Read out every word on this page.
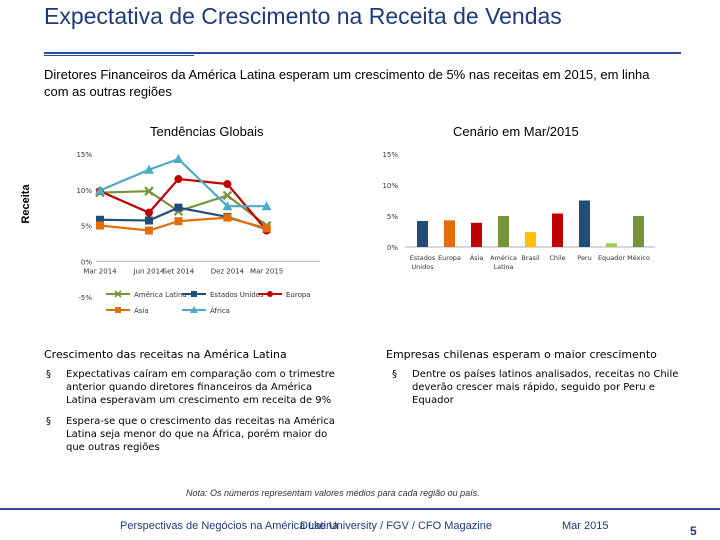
Expectativa de Crescimento na Receita de Vendas
Diretores Financeiros da América Latina esperam um crescimento de 5% nas receitas em 2015, em linha com as outras regiões
Tendências Globais	Cenário em Mar/2015
Receita
15%
10%
5%
0%
-5%
Mar 2014 Jun 2014
Set 2014 Dez 2014 Mar 2015
América Latina	Estados Unidos	Europa
Ásia	África
15%
10%
5%
0%
Estados Unidos
Europa Ásia América Latina
Brasil Chile Peru Equador México
Crescimento das receitas na América Latina
§ Expectativas caíram em comparação com o trimestre anterior quando diretores financeiros da América Latina esperavam um crescimento em receita de 9%
§ Espera-se que o crescimento das receitas na América Latina seja menor do que na África, porém maior do que outras regiões
Empresas chilenas esperam o maior crescimento
§ Dentre os países latinos analisados, receitas no Chile deverão crescer mais rápido, seguido por Peru e Equador
Nota: Os números representam valores médios para cada região ou país.
Perspectivas de Negócios na América Latina
Duke University / FGV / CFO Magazine	Mar 2015	5
